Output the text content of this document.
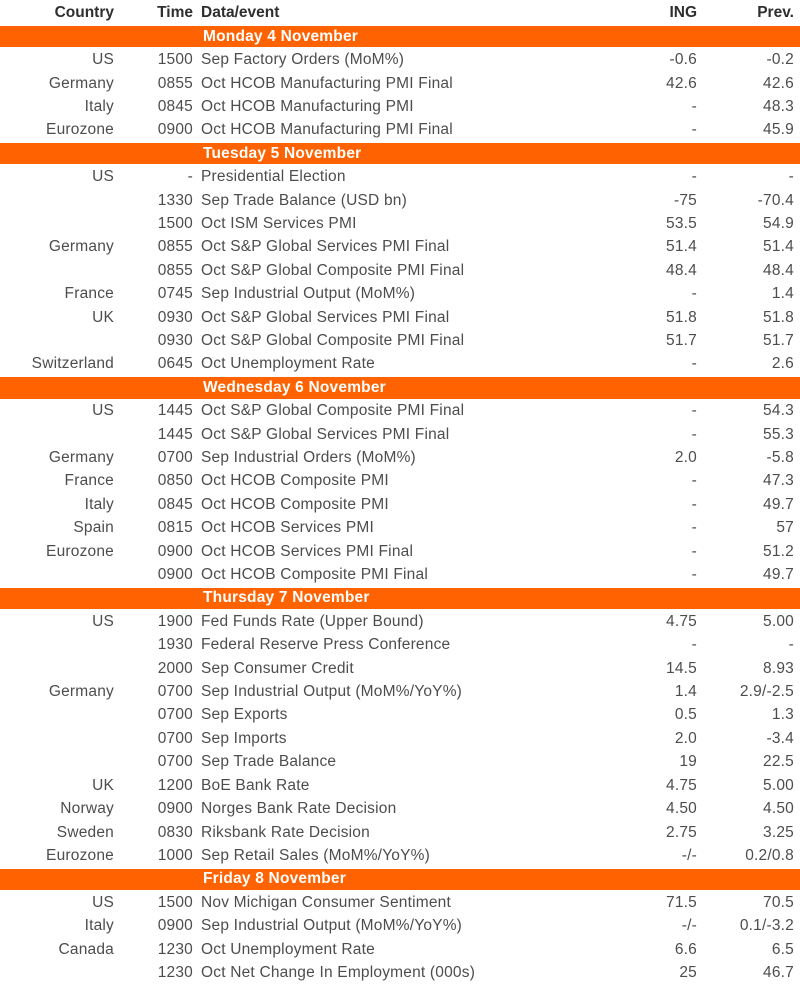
Country	Time Data/event	ING	Prev.
Monday 4 November
US	1500 Sep Factory Orders (MoM%)	-0.6	-0.2
Germany	0855 Oct HCOB Manufacturing PMI Final	42.6	42.6
Italy	0845 Oct HCOB Manufacturing PMI	-	48.3
Eurozone	0900 Oct HCOB Manufacturing PMI Final	-	45.9
Tuesday 5 November
US	- Presidential Election	-	-
1330 Sep Trade Balance (USD bn)	-75	-70.4
1500 Oct ISM Services PMI	53.5	54.9
Germany	0855 Oct S&P Global Services PMI Final	51.4	51.4
0855 Oct S&P Global Composite PMI Final	48.4	48.4
France	0745 Sep Industrial Output (MoM%)	-	1.4
UK	0930 Oct S&P Global Services PMI Final	51.8	51.8
0930 Oct S&P Global Composite PMI Final	51.7	51.7
Switzerland	0645 Oct Unemployment Rate	-	2.6
Wednesday 6 November
US	1445 Oct S&P Global Composite PMI Final	-	54.3
1445 Oct S&P Global Services PMI Final	-	55.3
Germany	0700 Sep Industrial Orders (MoM%)	2.0	-5.8
France	0850 Oct HCOB Composite PMI	-	47.3
Italy	0845 Oct HCOB Composite PMI	-	49.7
Spain	0815 Oct HCOB Services PMI	-	57
Eurozone	0900 Oct HCOB Services PMI Final	-	51.2
0900 Oct HCOB Composite PMI Final	-	49.7
Thursday 7 November
US	1900 Fed Funds Rate (Upper Bound)	4.75	5.00
1930 Federal Reserve Press Conference	-	-
2000 Sep Consumer Credit	14.5	8.93
Germany	0700 Sep Industrial Output (MoM%/YoY%)	1.4	2.9/-2.5
0700 Sep Exports	0.5	1.3
0700 Sep Imports	2.0	-3.4
0700 Sep Trade Balance	19	22.5
UK	1200 BoE Bank Rate	4.75	5.00
Norway	0900 Norges Bank Rate Decision	4.50	4.50
Sweden	0830 Riksbank Rate Decision	2.75	3.25
Eurozone	1000 Sep Retail Sales (MoM%/YoY%)	-/-	0.2/0.8
Friday 8 November
US	1500 Nov Michigan Consumer Sentiment	71.5	70.5
Italy	0900 Sep Industrial Output (MoM%/YoY%)	-/-	0.1/-3.2
Canada	1230 Oct Unemployment Rate	6.6	6.5
1230 Oct Net Change In Employment (000s)	25	46.7
